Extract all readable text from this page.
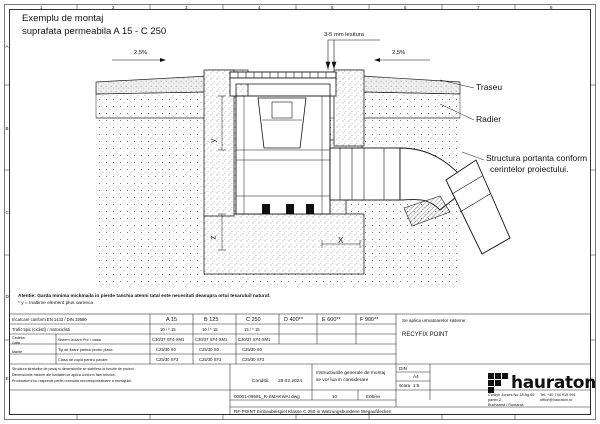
1	2	3	4	5	6	7	8
A
B
C
D
E
Exemplu de montaj
suprafata permeabila A 15 - C 250	3-5 mm lesitura
2,5%	2,5%
y
z	X
Traseu
Radier
Structura portanta conform
cerintelor proiectului.
Atentie: Garda minima mickmaila in pierde tanchia atenni tatal este necesitati deasupra ortui tesaruluil naturaf.
* y = Inaltime element plus oarneca
Incarcare conform EN 1433 / DIN 19580	A 15	B 125	C 250	D 400**	E 600**	F 900**
Trafic tipic (ciclisti) / motociclisti	10 / * 15	10 / * 15	15 / * 15
Cedeba
Gata
Marire
Sistem izolare Pnr / clasa	C30/37 XF4-XM1	C30/37 XF4-XM1	C30/37 XF4-XM1
Tip de fixare partea pentru placa	C25/30 X0	C25/30 X0	C25/30 X0
Clasa de cuplu pentru pavare	C25/30 XF3	C25/30 XF3	C25/30 XF3
Se aplica urmatoarelor sisteme:
RECYFIX POINT
Structura straturilor de pavaj si dimensiunile se stabilesc in functie de proiect.
Dimensiunile minime ale fundatiei se aplica conform fisei tehnice.
Producatorul nu raspunde pentru executia necorespunzatoare a montajului.	Conditii: 28.02.2024
Instructiunile generale de montaj
se vor lua in considerare
00001-09581_R-SMAKWAI.dwg	10	E05/ev
DIN
A4
scara 1:5
RF-POINT Einbaubeispiel Klasse C 250 in Watzungsbundene Wegaufdecken
hauraton
Cardyn Jorkes No 18 Ag 65
parter 2
Bucharest / Romania
Tel: +40 744 919 991
office@hauraton.ro
